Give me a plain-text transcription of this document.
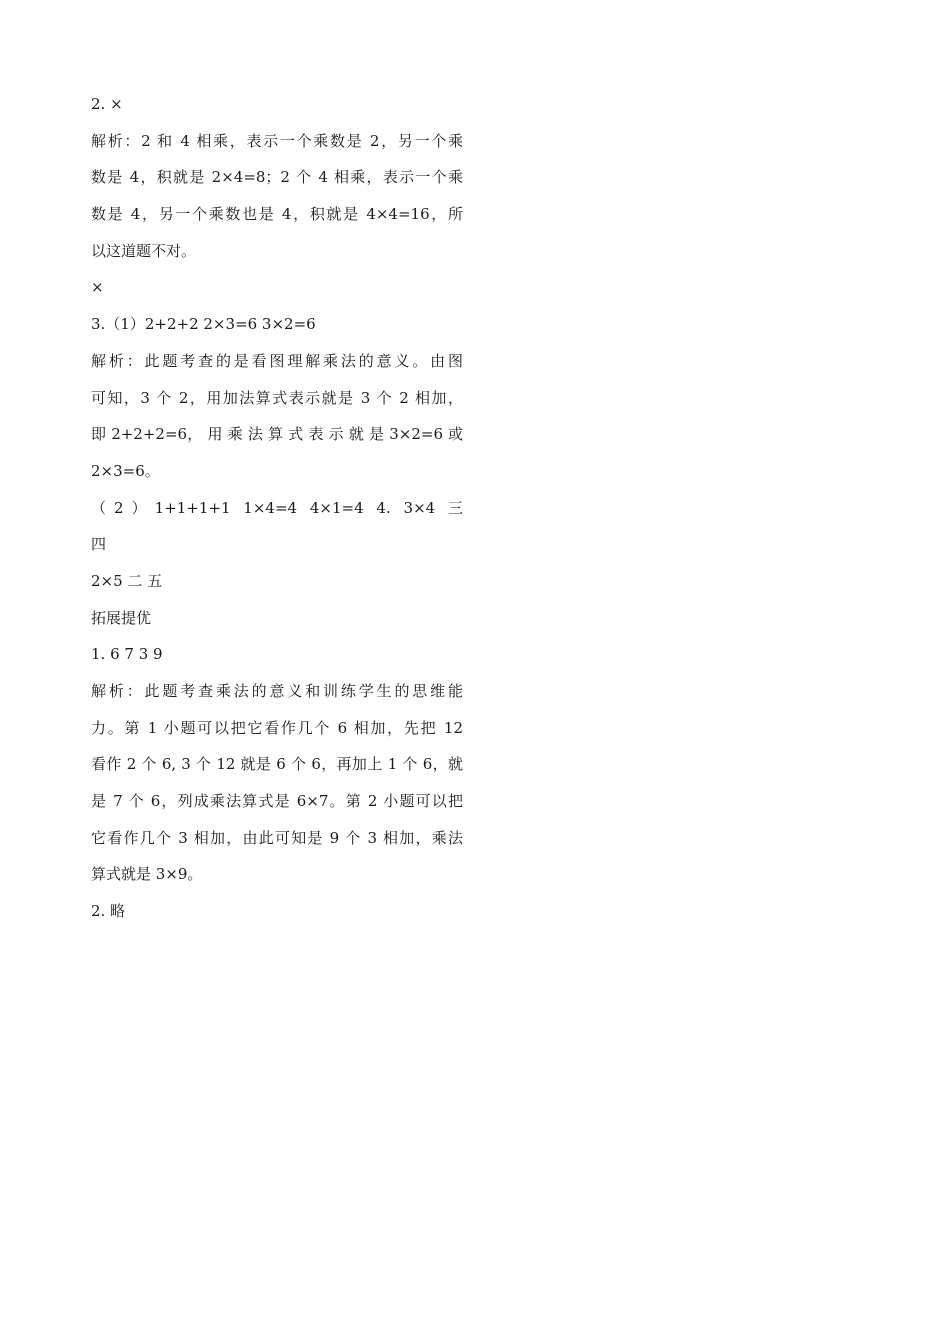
2. ×
解析：2 和 4 相乘，表示一个乘数是 2，另一个乘
数是 4，积就是 2×4=8；2 个 4 相乘，表示一个乘
数是 4，另一个乘数也是 4，积就是 4×4=16，所
以这道题不对。
×
3.（1）2+2+2 2×3=6 3×2=6
解析：此题考查的是看图理解乘法的意义。由图
可知，3 个 2，用加法算式表示就是 3 个 2 相加，
即 2+2+2=6， 用 乘 法 算 式 表 示 就 是 3×2=6 或
2×3=6。
（2）1+1+1+1 1×4=4 4×1=4 4. 3×4 三
四
2×5 二 五
拓展提优
1. 6 7 3 9
解析：此题考查乘法的意义和训练学生的思维能
力。第 1 小题可以把它看作几个 6 相加，先把 12
看作 2 个 6, 3 个 12 就是 6 个 6，再加上 1 个 6，就
是 7 个 6，列成乘法算式是 6×7。第 2 小题可以把
它看作几个 3 相加，由此可知是 9 个 3 相加，乘法
算式就是 3×9。
2. 略
